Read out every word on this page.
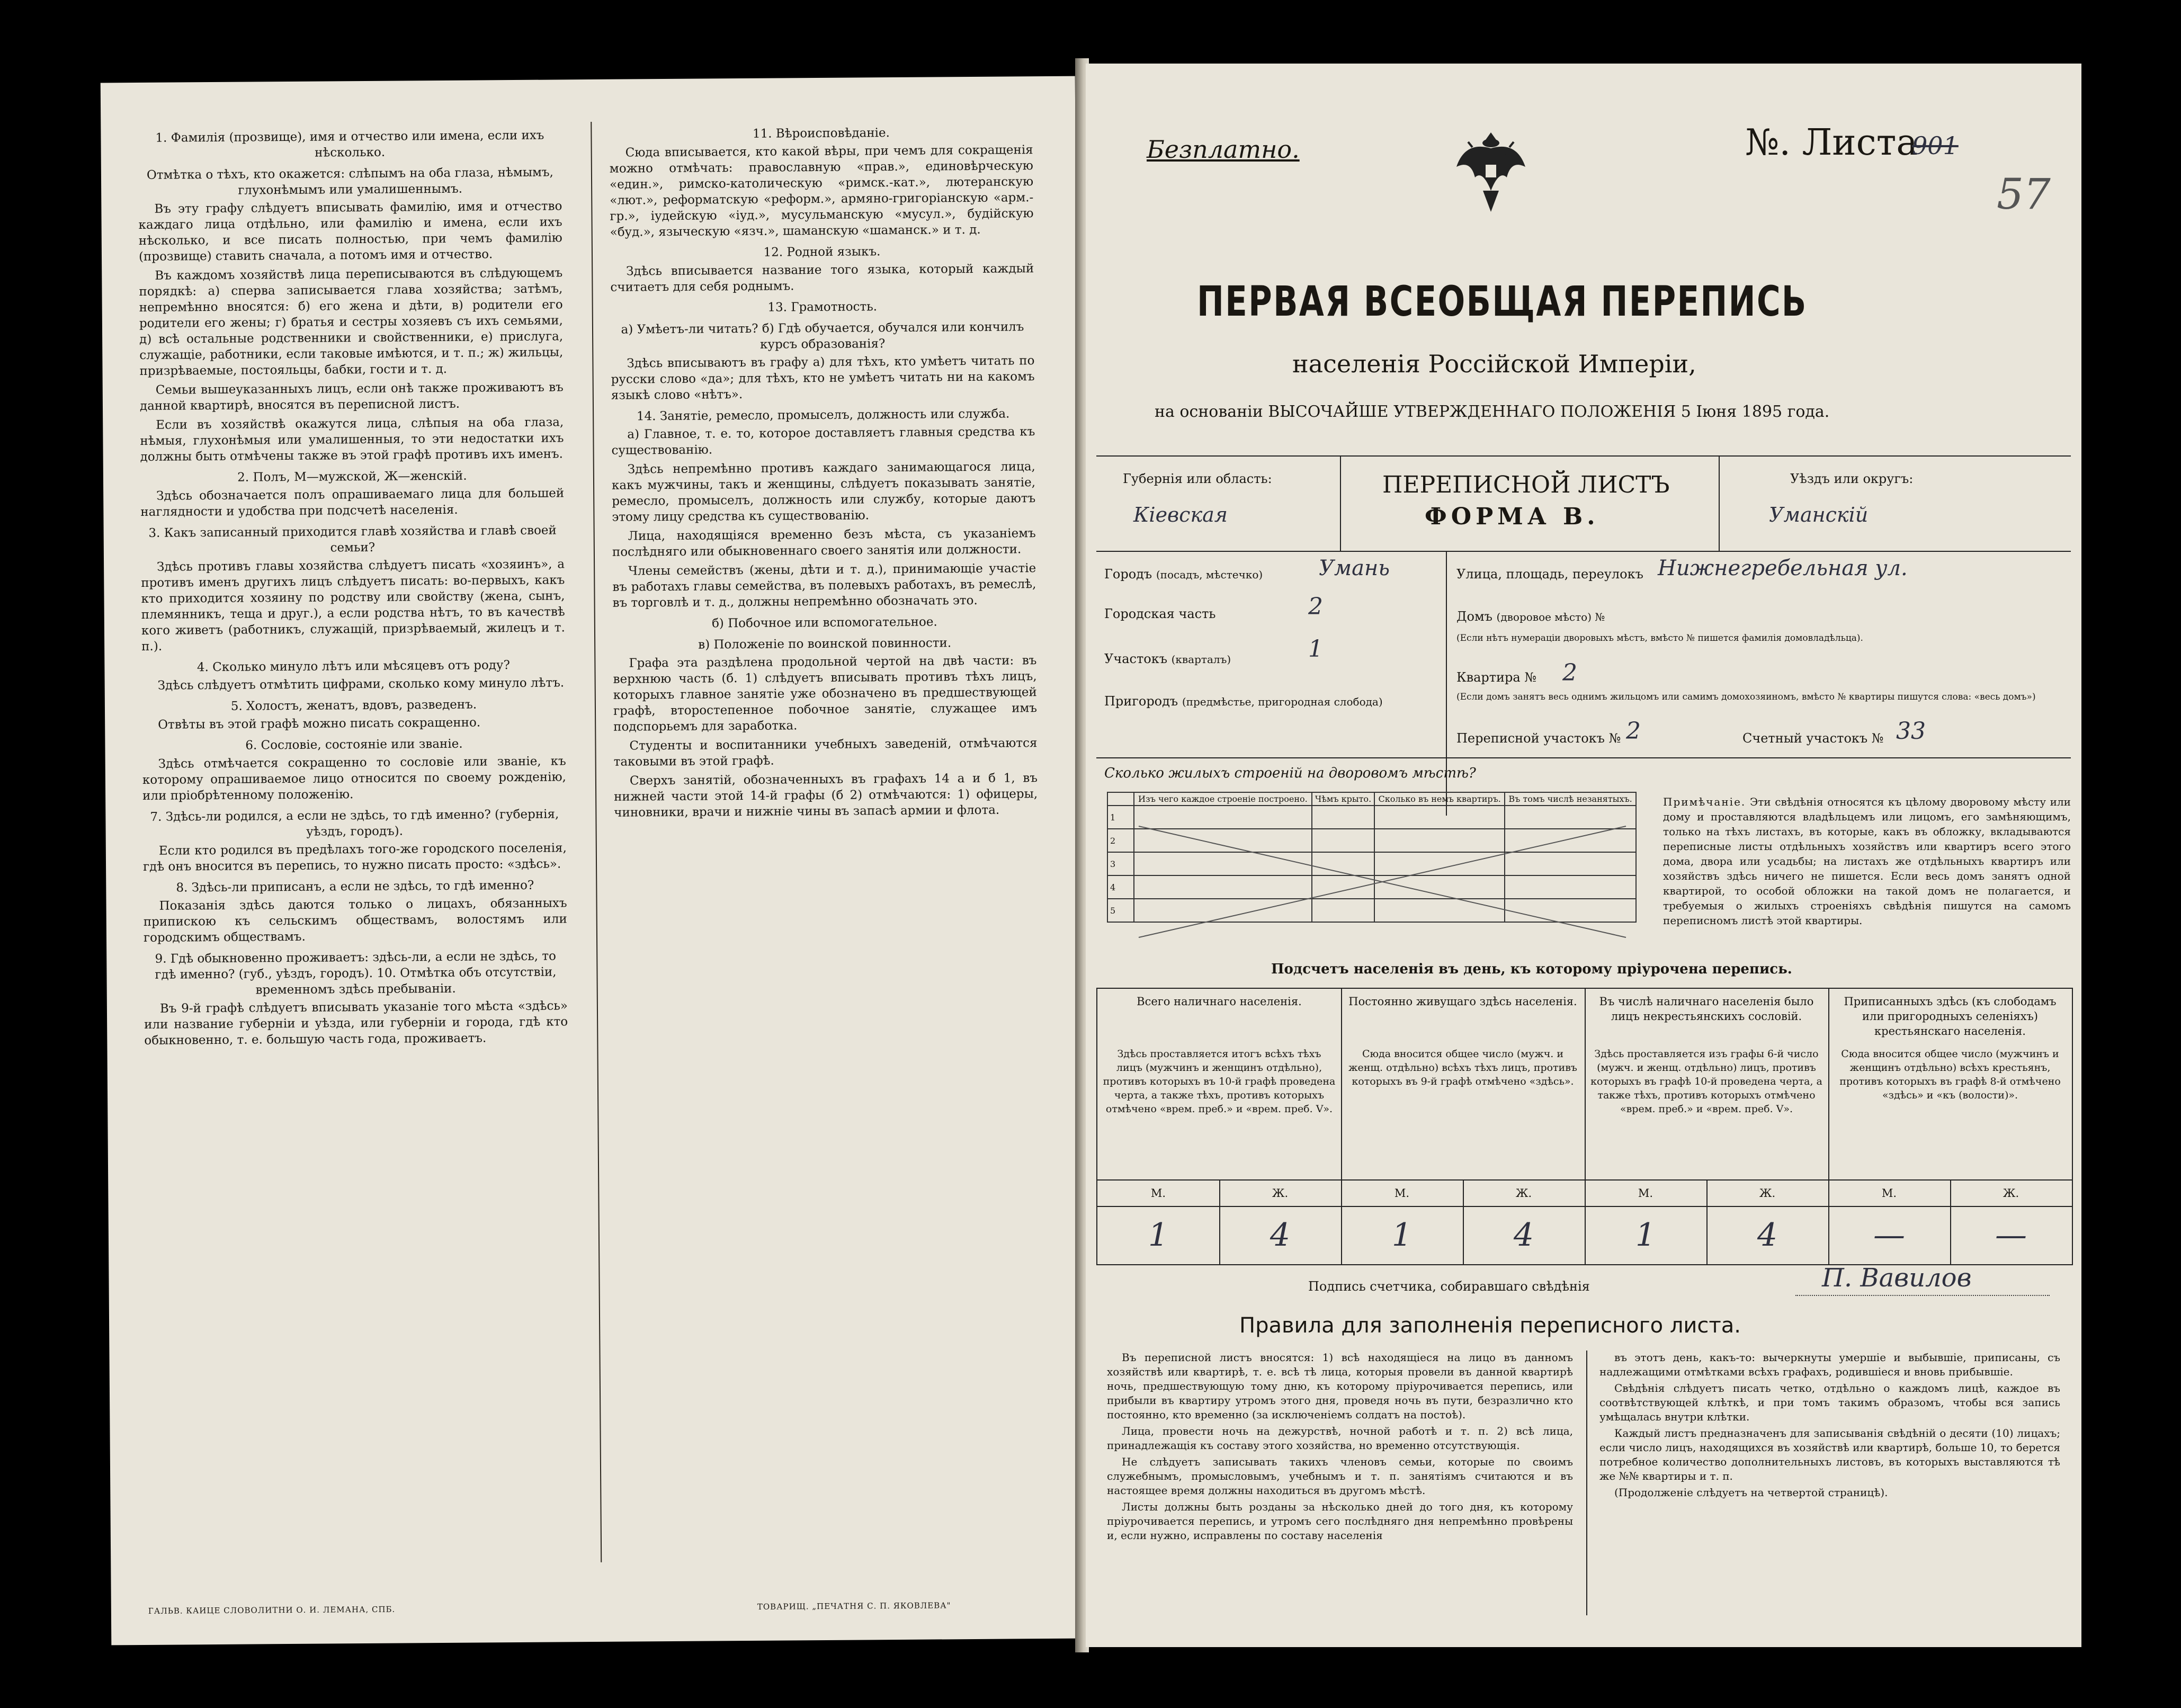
1. Фамилія (прозвище), имя и отчество или имена, если ихъ нѣсколько.
Отмѣтка о тѣхъ, кто окажется: слѣпымъ на оба глаза, нѣмымъ, глухонѣмымъ или умалишеннымъ.

Въ эту графу слѣдуетъ вписывать фамилію, имя и отчество каждаго лица отдѣльно, или фамилію и имена, если ихъ нѣсколько, и все писать полностью, при чемъ фамилію (прозвище) ставить сначала, а потомъ имя и отчество.

Въ каждомъ хозяйствѣ лица переписываются въ слѣдующемъ порядкѣ: а) сперва записывается глава хозяйства; затѣмъ, непремѣнно вносятся: б) его жена и дѣти, в) родители его родители его жены; г) братья и сестры хозяевъ съ ихъ семьями, д) всѣ остальные родственники и свойственники, е) прислуга, служащіе, работники, если таковые имѣются, и т. п.; ж) жильцы, призрѣваемые, постояльцы, бабки, гости и т. д.

Семьи вышеуказанныхъ лицъ, если онѣ также проживаютъ въ данной квартирѣ, вносятся въ переписной листъ.

Если въ хозяйствѣ окажутся лица, слѣпыя на оба глаза, нѣмыя, глухонѣмыя или умалишенныя, то эти недостатки ихъ должны быть отмѣчены также въ этой графѣ противъ ихъ именъ.

2. Полъ, М—мужской, Ж—женскій.

Здѣсь обозначается полъ опрашиваемаго лица для большей наглядности и удобства при подсчетѣ населенія.

3. Какъ записанный приходится главѣ хозяйства и главѣ своей семьи?

Здѣсь противъ главы хозяйства слѣдуетъ писать «хозяинъ», а противъ именъ другихъ лицъ слѣдуетъ писать: во-первыхъ, какъ кто приходится хозяину по родству или свойству (жена, сынъ, племянникъ, теща и друг.), а если родства нѣтъ, то въ качествѣ кого живетъ (работникъ, служащій, призрѣваемый, жилецъ и т. п.).

4. Сколько минуло лѣтъ или мѣсяцевъ отъ роду?

Здѣсь слѣдуетъ отмѣтить цифрами, сколько кому минуло лѣтъ.

5. Холостъ, женатъ, вдовъ, разведенъ.

Отвѣты въ этой графѣ можно писать сокращенно.

6. Сословіе, состояніе или званіе.

Здѣсь отмѣчается сокращенно то сословіе или званіе, къ которому опрашиваемое лицо относится по своему рожденію, или пріобрѣтенному положенію.

7. Здѣсь-ли родился, а если не здѣсь, то гдѣ именно? (губернія, уѣздъ, городъ).

Если кто родился въ предѣлахъ того-же городского поселенія, гдѣ онъ вносится въ перепись, то нужно писать просто: «здѣсь».

8. Здѣсь-ли приписанъ, а если не здѣсь, то гдѣ именно?

Показанія здѣсь даются только о лицахъ, обязанныхъ припискою къ сельскимъ обществамъ, волостямъ или городскимъ обществамъ.

9. Гдѣ обыкновенно проживаетъ: здѣсь-ли, а если не здѣсь, то гдѣ именно? (губ., уѣздъ, городъ). 10. Отмѣтка объ отсутствіи, временномъ здѣсь пребываніи.

Въ 9-й графѣ слѣдуетъ вписывать указаніе того мѣста «здѣсь» или название губерніи и уѣзда, или губерніи и города, гдѣ кто обыкновенно, т. е. большую часть года, проживаетъ.

11. Вѣроисповѣданіе.

Сюда вписывается, кто какой вѣры, при чемъ для сокращенія можно отмѣчать: православную «прав.», единовѣрческую «един.», римско-католическую «римск.-кат.», лютеранскую «лют.», реформатскую «реформ.», армяно-григоріанскую «арм.-гр.», іудейскую «іуд.», мусульманскую «мусул.», будійскую «буд.», языческую «язч.», шаманскую «шаманск.» и т. д.

12. Родной языкъ.

Здѣсь вписывается название того языка, который каждый считаетъ для себя роднымъ.

13. Грамотность.
а) Умѣетъ-ли читать? б) Гдѣ обучается, обучался или кончилъ курсъ образованія?

Здѣсь вписываютъ въ графу а) для тѣхъ, кто умѣетъ читать по русски слово «да»; для тѣхъ, кто не умѣетъ читать ни на какомъ языкѣ слово «нѣтъ».

14. Занятіе, ремесло, промыселъ, должность или служба.

а) Главное, т. е. то, которое доставляетъ главныя средства къ существованію.

Здѣсь непремѣнно противъ каждаго занимающагося лица, какъ мужчины, такъ и женщины, слѣдуетъ показывать занятіе, ремесло, промыселъ, должность или службу, которые даютъ этому лицу средства къ существованію.

Лица, находящіяся временно безъ мѣста, съ указаніемъ послѣдняго или обыкновеннаго своего занятія или должности.

Члены семействъ (жены, дѣти и т. д.), принимающіе участіе въ работахъ главы семейства, въ полевыхъ работахъ, въ ремеслѣ, въ торговлѣ и т. д., должны непремѣнно обозначать это.

б) Побочное или вспомогательное.
в) Положеніе по воинской повинности.

Графа эта раздѣлена продольной чертой на двѣ части: въ верхнюю часть (б. 1) слѣдуетъ вписывать противъ тѣхъ лицъ, которыхъ главное занятіе уже обозначено въ предшествующей графѣ, второстепенное побочное занятіе, служащее имъ подспорьемъ для заработка.

Студенты и воспитанники учебныхъ заведеній, отмѣчаются таковыми въ этой графѣ.

Сверхъ занятій, обозначенныхъ въ графахъ 14 а и б 1, въ нижней части этой 14-й графы (б 2) отмѣчаются: 1) офицеры, чиновники, врачи и нижніе чины въ запасѣ армии и флота.

ГАЛЬВ. КАИЦЕ СЛОВОЛИТНИ О. И. ЛЕМАНА, СПБ.	ТОВАРИЩ. „ПЕЧАТНЯ С. П. ЯКОВЛЕВА"
Безплатно.	№. Листа
901
57
ПЕРВАЯ ВСЕОБЩАЯ ПЕРЕПИСЬ
населенія Россійской Имперіи,
на основаніи ВЫСОЧАЙШЕ УТВЕРЖДЕННАГО ПОЛОЖЕНІЯ 5 Іюня 1895 года.
Губернія или область:
Кіевская
ПЕРЕПИСНОЙ ЛИСТЪ
ФОРМА В.
Уѣздъ или округъ:
Уманскій
Городъ (посадъ, мѣстечко)	Умань
Городская часть	2
Участокъ (кварталъ)	1
Пригородъ (предмѣстье, пригородная слобода)
Улица, площадь, переулокъ Нижнегребельная ул.
Домъ (дворовое мѣсто) №
(Если нѣтъ нумераціи дворовыхъ мѣстъ, вмѣсто № пишется фамилія домовладѣльца).
Квартира № 2
(Если домъ занятъ весь однимъ жильцомъ или самимъ домохозяиномъ, вмѣсто № квартиры пишутся слова: «весь домъ»)
Переписной участокъ № 2	Счетный участокъ № 33
Сколько жилыхъ строеній на дворовомъ мѣстѣ?
	Изъ чего каждое строеніе построено.	Чѣмъ крыто.	Сколько въ немъ квартиръ.	Въ томъ числѣ незанятыхъ.
1				
2				
3				
4				
5				
Примѣчаніе. Эти свѣдѣнія относятся къ цѣлому дворовому мѣсту или дому и проставляются владѣльцемъ или лицомъ, его замѣняющимъ, только на тѣхъ листахъ, въ которые, какъ въ обложку, вкладываются переписные листы отдѣльныхъ хозяйствъ или квартиръ всего этого дома, двора или усадьбы; на листахъ же отдѣльныхъ квартиръ или хозяйствъ здѣсь ничего не пишется. Если весь домъ занятъ одной квартирой, то особой обложки на такой домъ не полагается, и требуемыя о жилыхъ строеніяхъ свѣдѣнія пишутся на самомъ переписномъ листѣ этой квартиры.
Подсчетъ населенія въ день, къ которому пріурочена перепись.
Всего наличнаго населенія.
Здѣсь проставляется итогъ всѣхъ тѣхъ лицъ (мужчинъ и женщинъ отдѣльно), противъ которыхъ въ 10-й графѣ проведена черта, а также тѣхъ, противъ которыхъ отмѣчено «врем. преб.» и «врем. преб. V».
Постоянно живущаго здѣсь населенія.
Сюда вносится общее число (мужч. и женщ. отдѣльно) всѣхъ тѣхъ лицъ, противъ которыхъ въ 9-й графѣ отмѣчено «здѣсь».
Въ числѣ наличнаго населенія было лицъ некрестьянскихъ сословій.
Здѣсь проставляется изъ графы 6-й число (мужч. и женщ. отдѣльно) лицъ, противъ которыхъ въ графѣ 10-й проведена черта, а также тѣхъ, противъ которыхъ отмѣчено «врем. преб.» и «врем. преб. V».
Приписанныхъ здѣсь (къ слободамъ или пригородныхъ селеніяхъ) крестьянскаго населенія.
Сюда вносится общее число (мужчинъ и женщинъ отдѣльно) всѣхъ крестьянъ, противъ которыхъ въ графѣ 8-й отмѣчено «здѣсь» и «къ (волости)».
М.	Ж.	М.	Ж.	М.	Ж.	М.	Ж.
1	4	1	4	1	4	—	—
Подпись счетчика, собиравшаго свѣдѣнія	П. Вавилов
Правила для заполненія переписного листа.

Въ переписной листъ вносятся: 1) всѣ находящіеся на лицо въ данномъ хозяйствѣ или квартирѣ, т. е. всѣ тѣ лица, которыя провели въ данной квартирѣ ночь, предшествующую тому дню, къ которому пріурочивается перепись, или прибыли въ квартиру утромъ этого дня, проведя ночь въ пути, безразлично кто постоянно, кто временно (за исключеніемъ солдатъ на постоѣ).

Лица, провести ночь на дежурствѣ, ночной работѣ и т. п. 2) всѣ лица, принадлежащія къ составу этого хозяйства, но временно отсутствующія.

Не слѣдуетъ записывать такихъ членовъ семьи, которые по своимъ служебнымъ, промысловымъ, учебнымъ и т. п. занятіямъ считаются и въ настоящее время должны находиться въ другомъ мѣстѣ.

Листы должны быть розданы за нѣсколько дней до того дня, къ которому пріурочивается перепись, и утромъ сего послѣдняго дня непремѣнно провѣрены и, если нужно, исправлены по составу населенія

въ этотъ день, какъ-то: вычеркнуты умершіе и выбывшіе, приписаны, съ надлежащими отмѣтками всѣхъ графахъ, родившіеся и вновь прибывшіе.

Свѣдѣнія слѣдуетъ писать четко, отдѣльно о каждомъ лицѣ, каждое въ соотвѣтствующей клѣткѣ, и при томъ такимъ образомъ, чтобы вся запись умѣщалась внутри клѣтки.

Каждый листъ предназначенъ для записыванія свѣдѣній о десяти (10) лицахъ; если число лицъ, находящихся въ хозяйствѣ или квартирѣ, больше 10, то берется потребное количество дополнительныхъ листовъ, въ которыхъ выставляются тѣ же №№ квартиры и т. п.

(Продолженіе слѣдуетъ на четвертой страницѣ).
